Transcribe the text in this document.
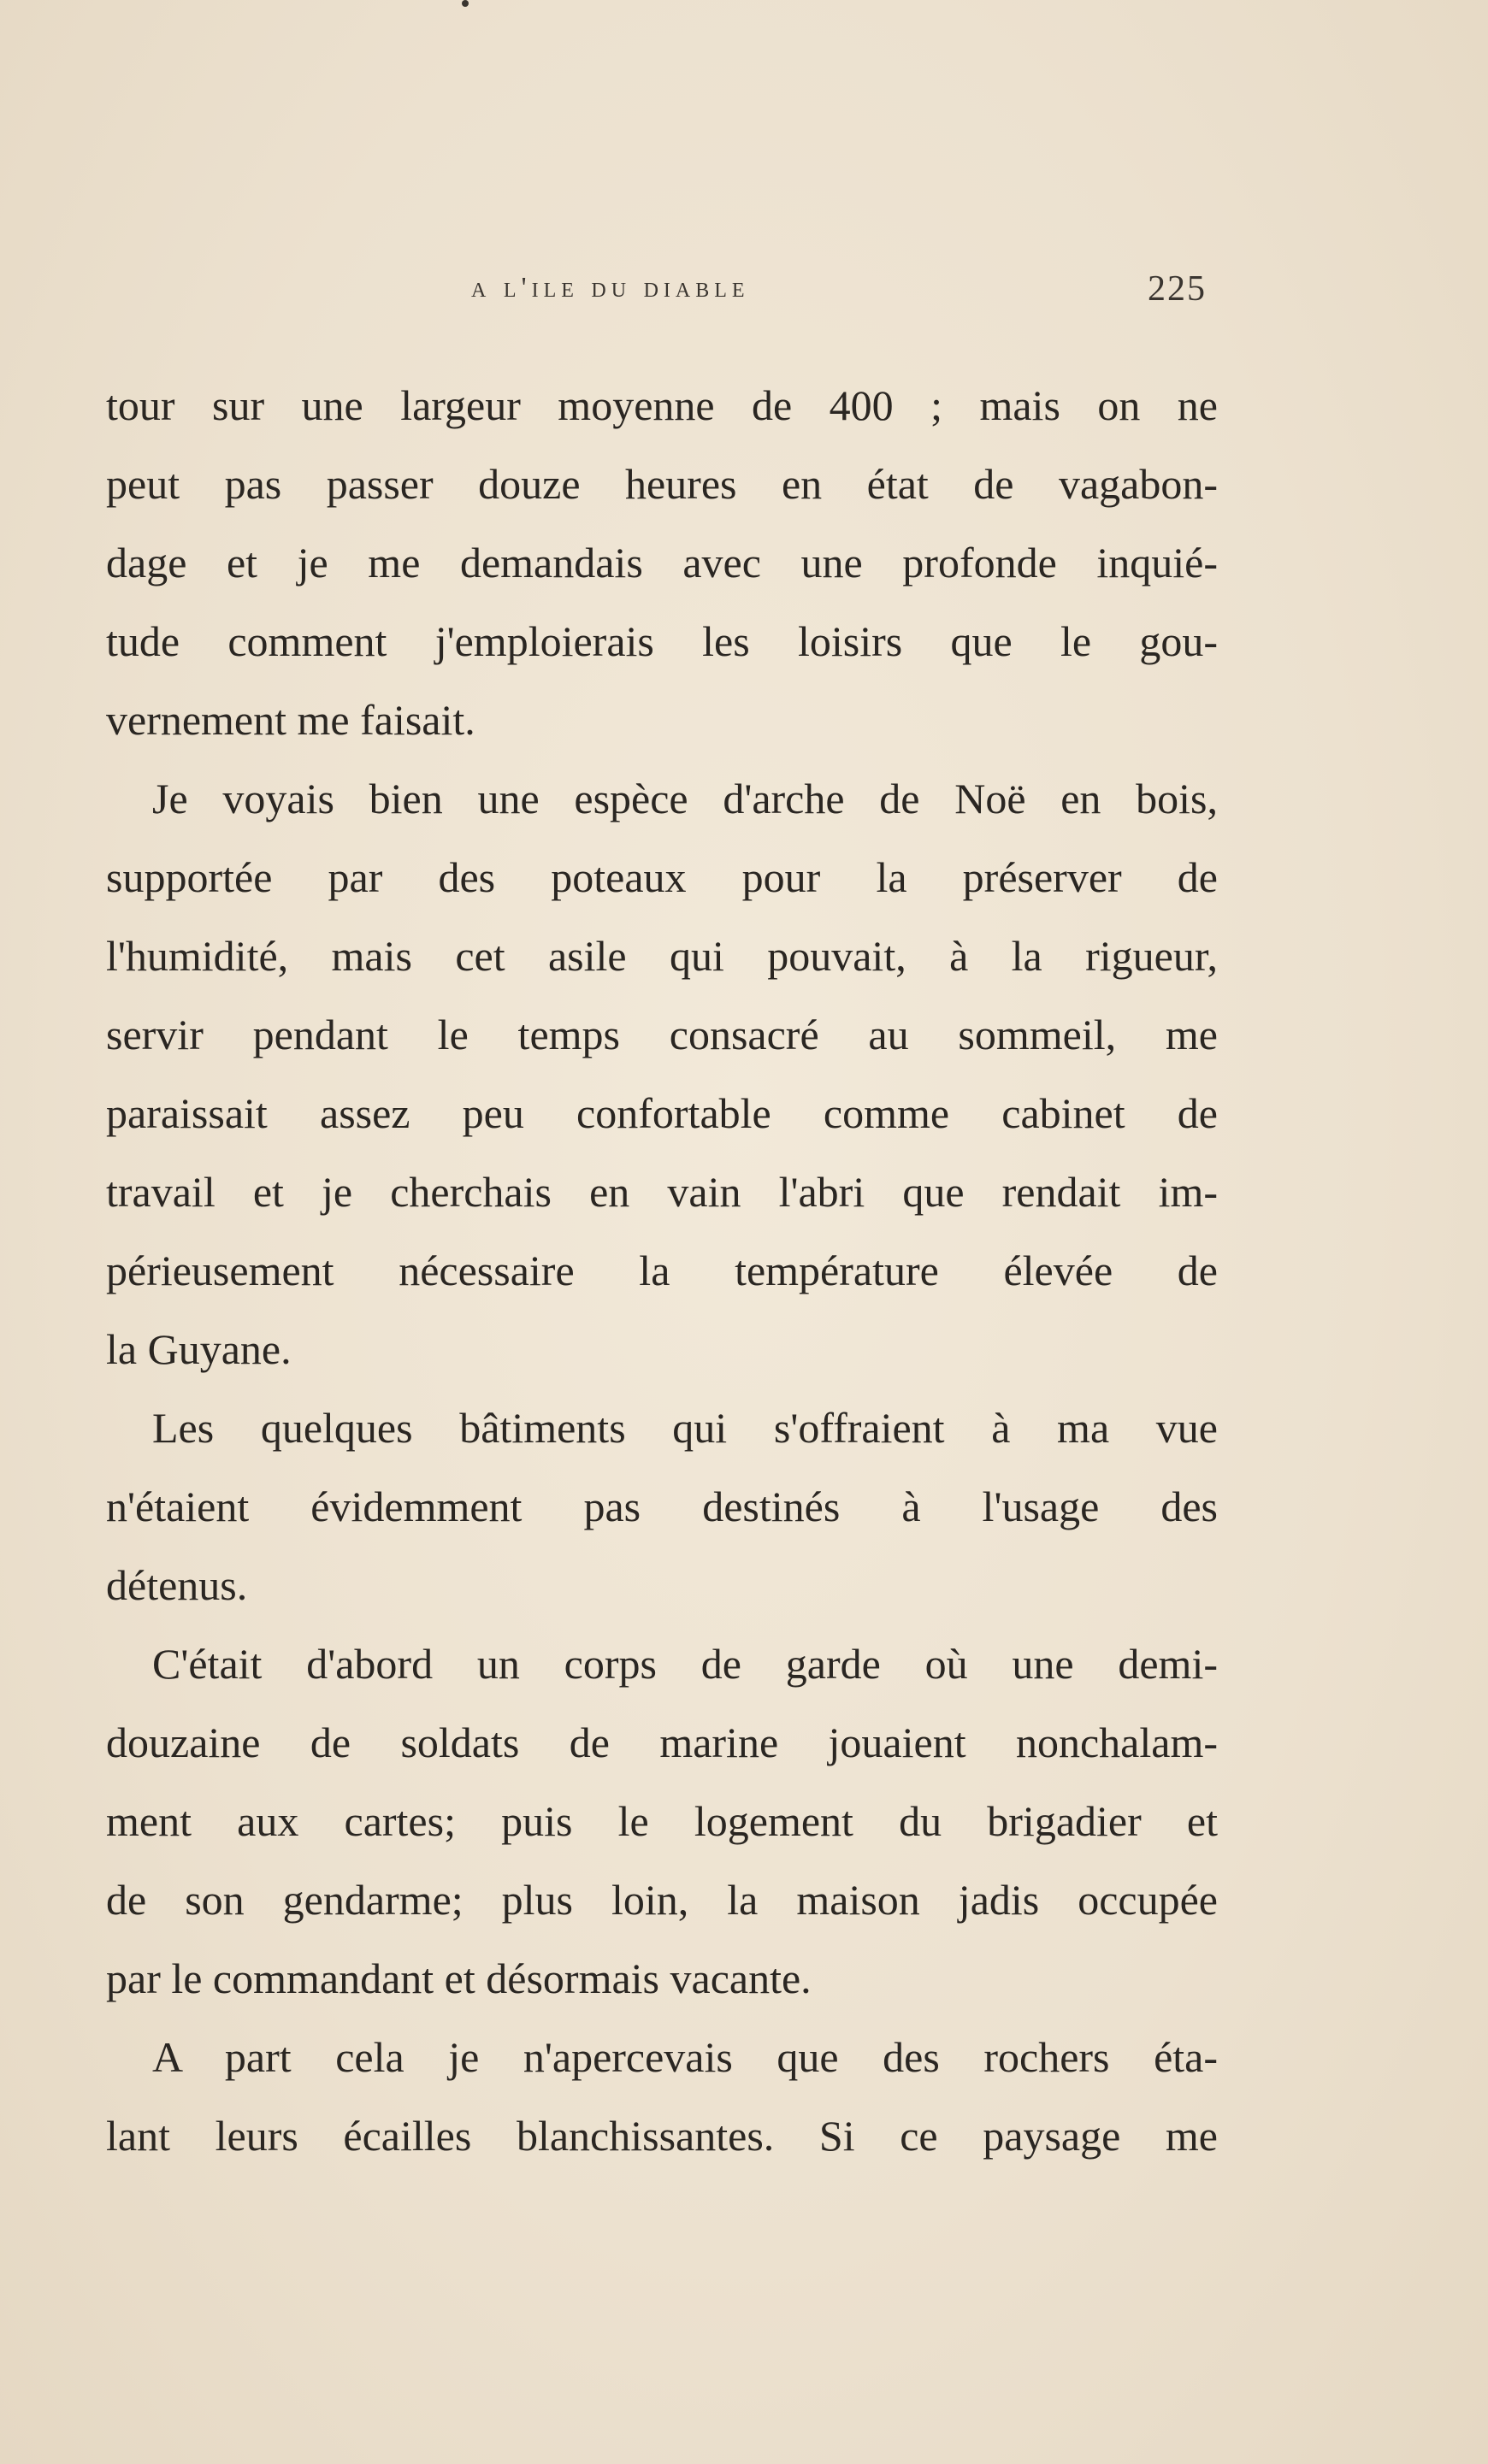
a l'ile du diable	225
tour sur une largeur moyenne de 400 ; mais on ne
peut pas passer douze heures en état de vagabon-
dage et je me demandais avec une profonde inquié-
tude comment j'emploierais les loisirs que le gou-
vernement me faisait.
Je voyais bien une espèce d'arche de Noë en bois,
supportée par des poteaux pour la préserver de
l'humidité, mais cet asile qui pouvait, à la rigueur,
servir pendant le temps consacré au sommeil, me
paraissait assez peu confortable comme cabinet de
travail et je cherchais en vain l'abri que rendait im-
périeusement nécessaire la température élevée de
la Guyane.
Les quelques bâtiments qui s'offraient à ma vue
n'étaient évidemment pas destinés à l'usage des
détenus.
C'était d'abord un corps de garde où une demi-
douzaine de soldats de marine jouaient nonchalam-
ment aux cartes; puis le logement du brigadier et
de son gendarme; plus loin, la maison jadis occupée
par le commandant et désormais vacante.
A part cela je n'apercevais que des rochers éta-
lant leurs écailles blanchissantes. Si ce paysage me
